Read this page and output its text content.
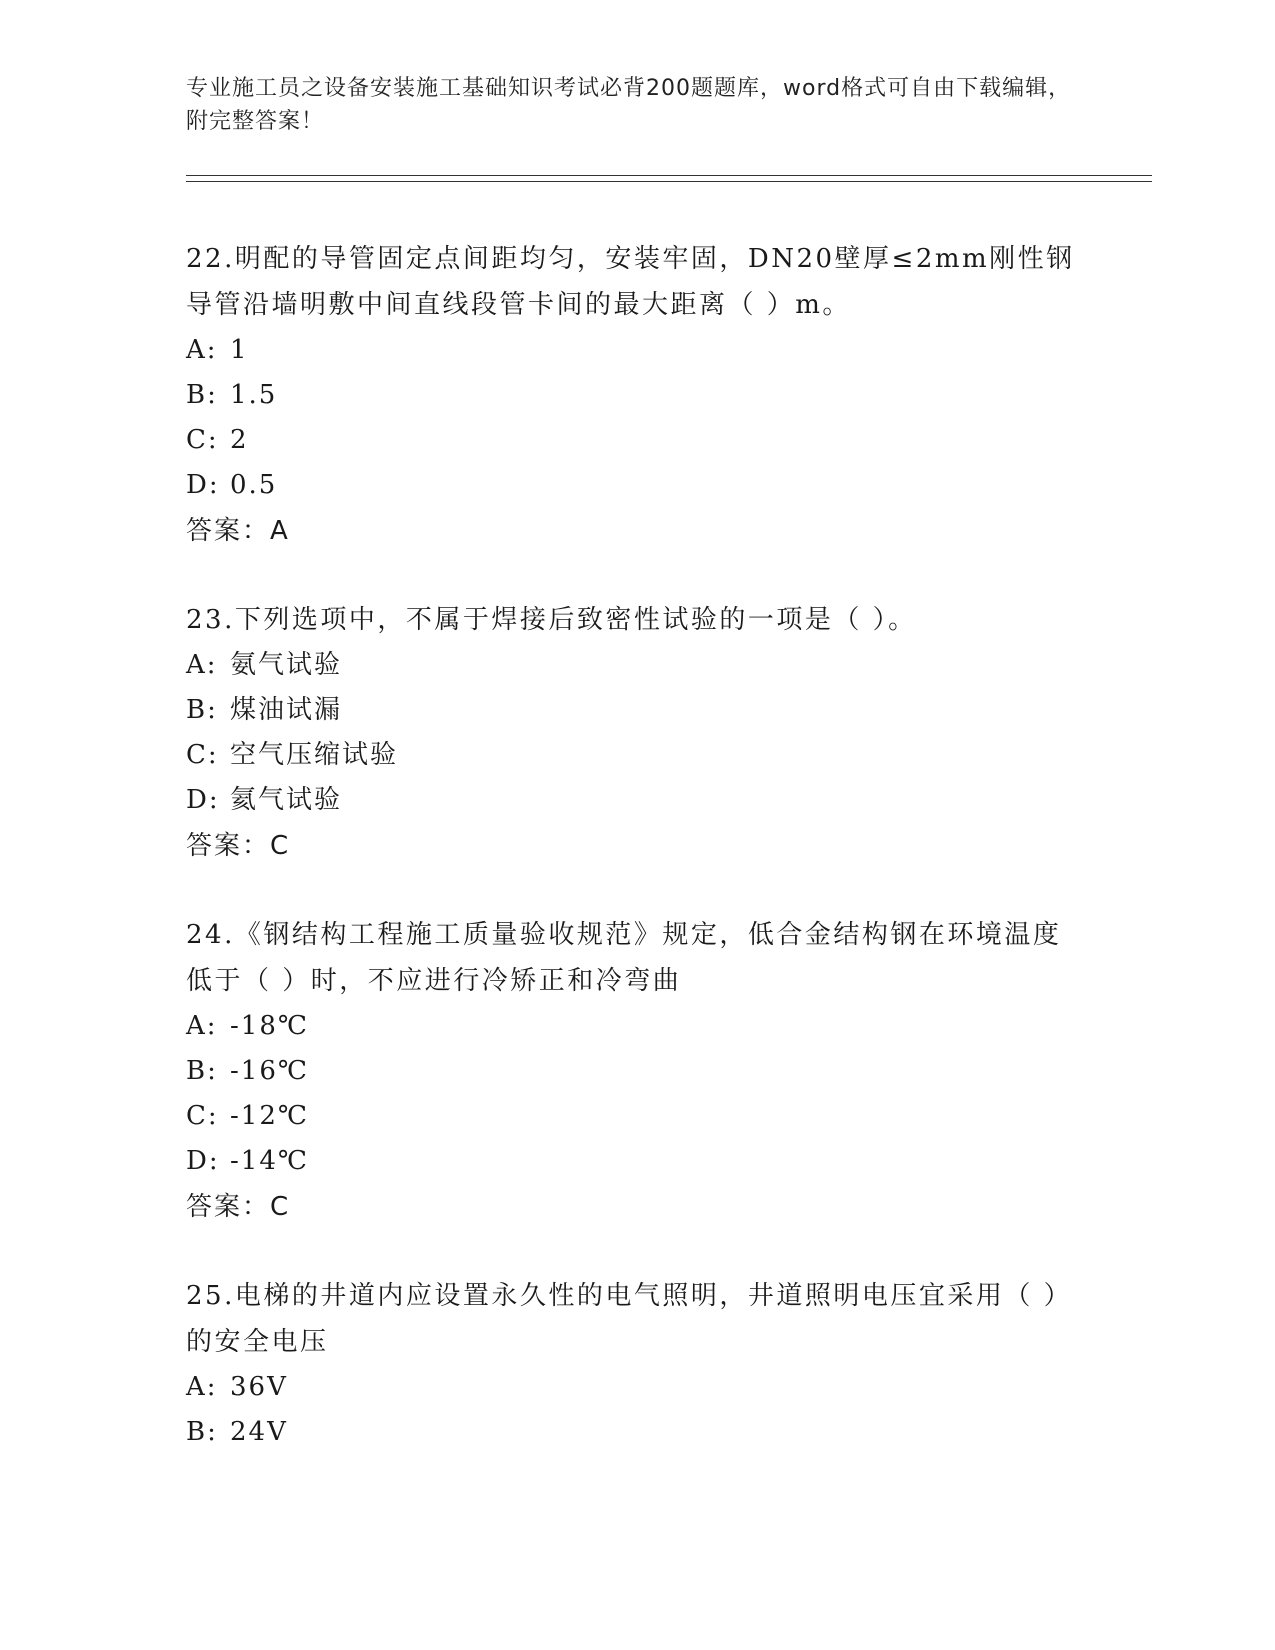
专业施工员之设备安装施工基础知识考试必背200题题库，word格式可自由下载编辑，附完整答案！

22.明配的导管固定点间距均匀，安装牢固，DN20壁厚≤2mm刚性钢导管沿墙明敷中间直线段管卡间的最大距离（ ）m。

A: 1

B: 1.5

C: 2

D: 0.5

答案：A

23.下列选项中，不属于焊接后致密性试验的一项是（ ）。

A: 氨气试验

B: 煤油试漏

C: 空气压缩试验

D: 氦气试验

答案：C

24.《钢结构工程施工质量验收规范》规定，低合金结构钢在环境温度低于（ ）时，不应进行冷矫正和冷弯曲

A: -18℃

B: -16℃

C: -12℃

D: -14℃

答案：C

25.电梯的井道内应设置永久性的电气照明，井道照明电压宜采用（ ）的安全电压

A: 36V

B: 24V
